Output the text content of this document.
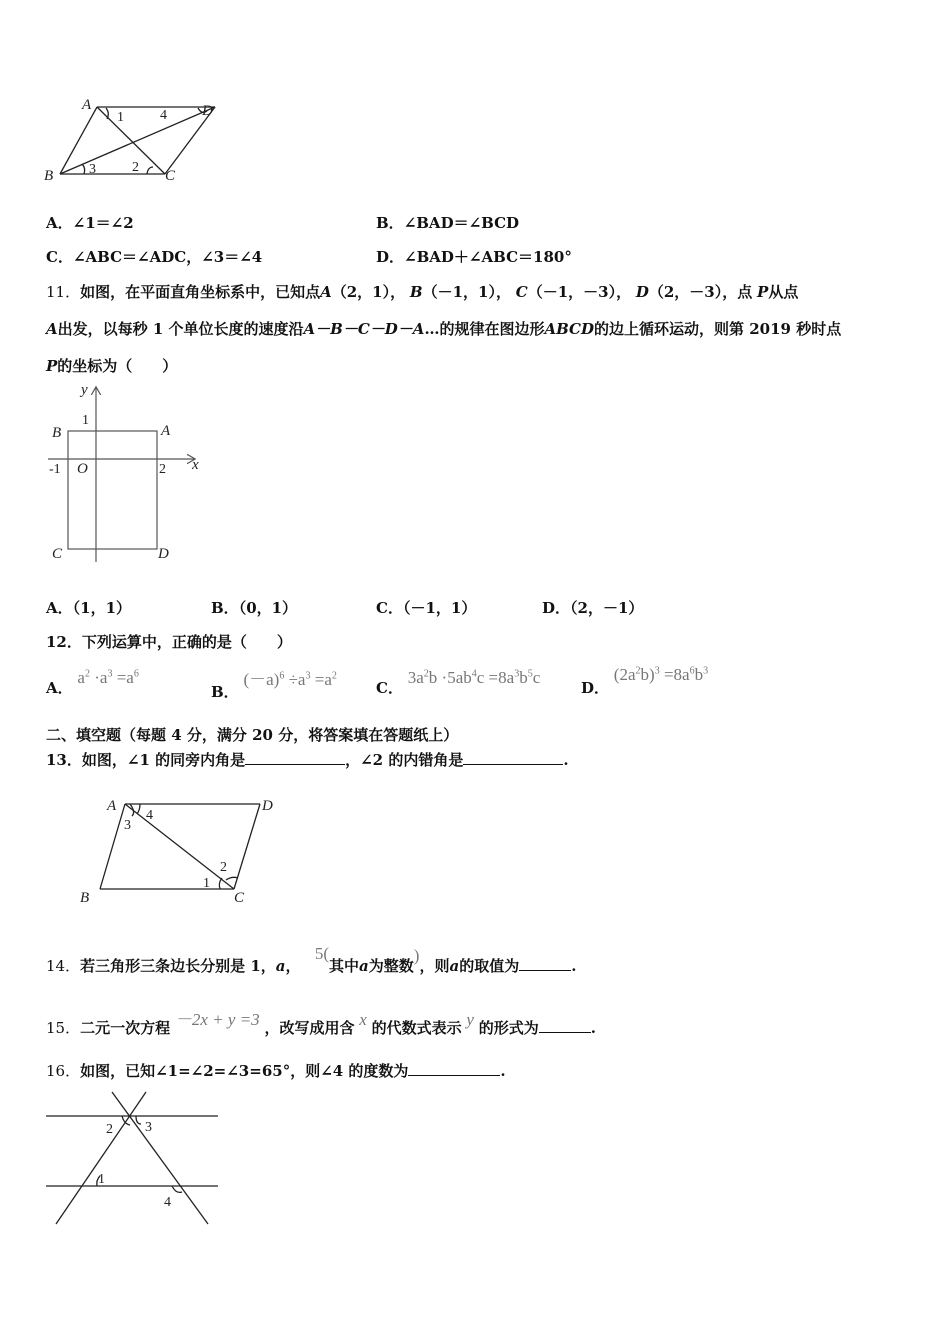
A	D
B	C
1	4
3	2
A．∠1＝∠2	B．∠BAD＝∠BCD
C．∠ABC＝∠ADC，∠3＝∠4	D．∠BAD＋∠ABC＝180°
11．如图，在平面直角坐标系中，已知点A（2，1）， B（－1，1）， C（－1，－3）， D（2，－3），点 P从点
A出发，以每秒 1 个单位长度的速度沿A－B－C－D－A…的规律在图边形ABCD的边上循环运动，则第 2019 秒时点
P的坐标为（　　）
y
x
1
-1 O	2
A
B
C	D
A．（1，1）	B．（0，1）	C．（－1，1）	D．（2，－1）
12．下列运算中，正确的是（　　）
A． $a^2 \cdot a^3 =a^6$
B． $(-a)^6 \div a^3 =a^2$
C． $3a^2b \cdot 5ab^4c =8a^3b^5c$
D． $(2a^2b)^3 =8a^6b^3$
二、填空题（每题 4 分，满分 20 分，将答案填在答题纸上）
13．如图，∠1 的同旁内角是	，∠2 的内错角是	.
A	D
B	C
3
4
2
1
14．若三角形三条边长分别是 1，a，   5(其中a为整数)，则a的取值为	.
15．二元一次方程 －2x + y =3 ，改写成用含 x 的代数式表示 y 的形式为	.
16．如图，已知∠1=∠2=∠3=65°，则∠4 的度数为	.
2 3
1
4
